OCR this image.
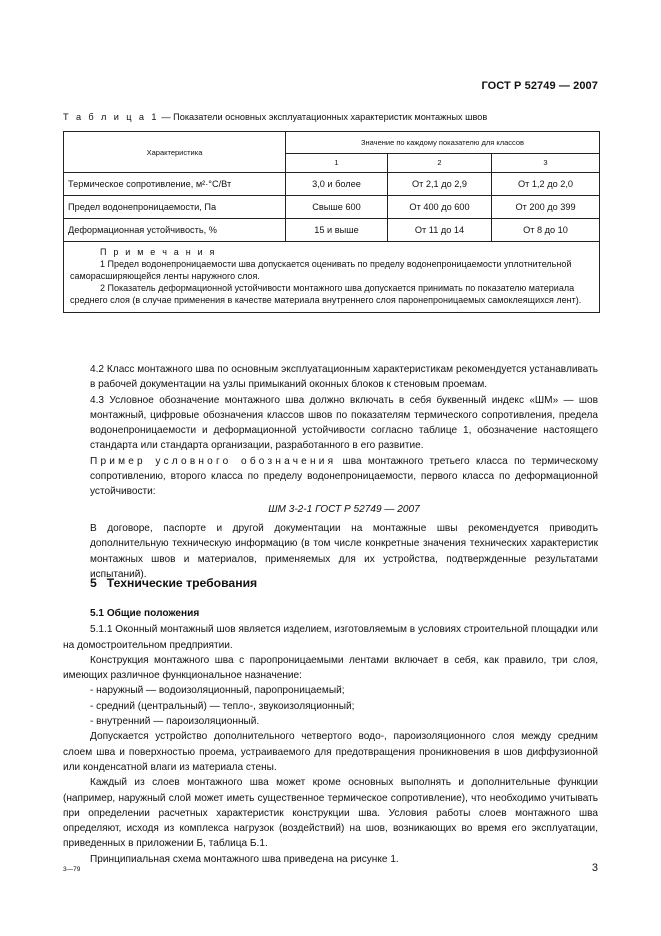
ГОСТ Р 52749 — 2007
Т а б л и ц а 1 — Показатели основных эксплуатационных характеристик монтажных швов
Характеристика	Значение по каждому показателю для классов		
	1	2	3
Термическое сопротивление, м²·°С/Вт	3,0 и более	От 2,1 до 2,9	От 1,2 до 2,0
Предел водонепроницаемости, Па	Свыше 600	От 400 до 600	От 200 до 399
Деформационная устойчивость, %	15 и выше	От 11 до 14	От 8 до 10

П р и м е ч а н и я

1 Предел водонепроницаемости шва допускается оценивать по пределу водонепроницаемости уплотнительной саморасширяющейся ленты наружного слоя.

2 Показатель деформационной устойчивости монтажного шва допускается принимать по показателю материала среднего слоя (в случае применения в качестве материала внутреннего слоя паронепроницаемых самоклеящихся лент).			

4.2 Класс монтажного шва по основным эксплуатационным характеристикам рекомендуется устанавливать в рабочей документации на узлы примыканий оконных блоков к стеновым проемам.

4.3 Условное обозначение монтажного шва должно включать в себя буквенный индекс «ШМ» — шов монтажный, цифровые обозначения классов швов по показателям термического сопротивления, предела водонепроницаемости и деформационной устойчивости согласно таблице 1, обозначение настоящего стандарта или стандарта организации, разработанного в его развитие.

Пример условного обозначения шва монтажного третьего класса по термическому сопротивлению, второго класса по пределу водонепроницаемости, первого класса по деформационной устойчивости:

ШМ 3-2-1 ГОСТ Р 52749 — 2007

В договоре, паспорте и другой документации на монтажные швы рекомендуется приводить дополнительную техническую информацию (в том числе конкретные значения технических характеристик монтажных швов и материалов, применяемых для их устройства, подтвержденные результатами испытаний).

5 Технические требования

5.1 Общие положения

5.1.1 Оконный монтажный шов является изделием, изготовляемым в условиях строительной площадки или на домостроительном предприятии.

Конструкция монтажного шва с паропроницаемыми лентами включает в себя, как правило, три слоя, имеющих различное функциональное назначение:

- наружный — водоизоляционный, паропроницаемый;

- средний (центральный) — тепло-, звукоизоляционный;

- внутренний — пароизоляционный.

Допускается устройство дополнительного четвертого водо-, пароизоляционного слоя между средним слоем шва и поверхностью проема, устраиваемого для предотвращения проникновения в шов диффузионной или конденсатной влаги из материала стены.

Каждый из слоев монтажного шва может кроме основных выполнять и дополнительные функции (например, наружный слой может иметь существенное термическое сопротивление), что необходимо учитывать при определении расчетных характеристик конструкции шва. Условия работы слоев монтажного шва определяют, исходя из комплекса нагрузок (воздействий) на шов, возникающих во время его эксплуатации, приведенных в приложении Б, таблица Б.1.

Принципиальная схема монтажного шва приведена на рисунке 1.

3—79	3
